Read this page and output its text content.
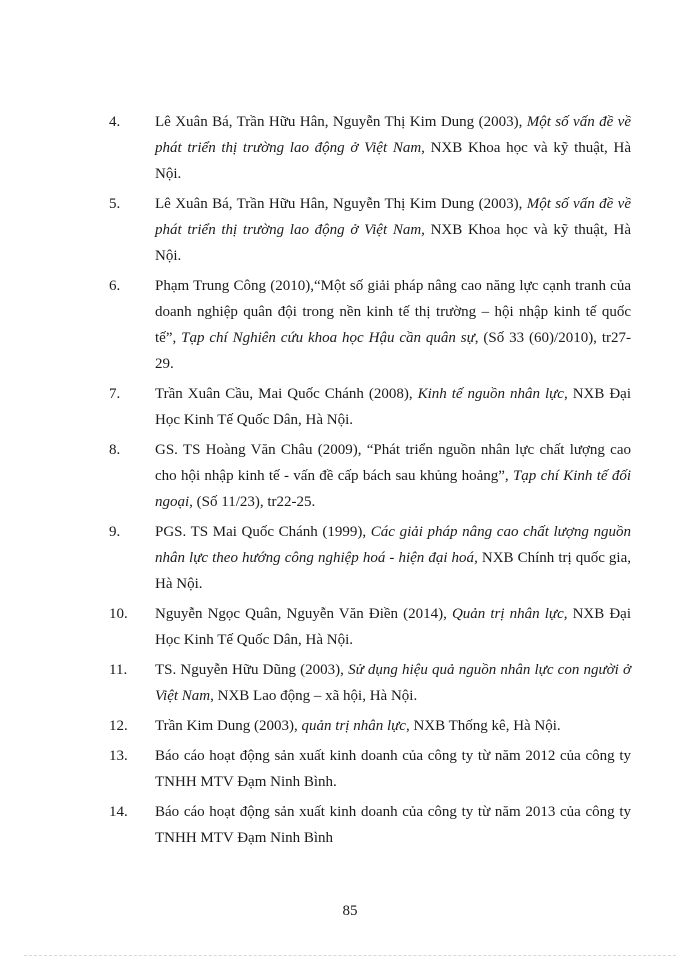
4.	Lê Xuân Bá, Trần Hữu Hân, Nguyễn Thị Kim Dung (2003), Một số vấn đề về phát triển thị trường lao động ở Việt Nam, NXB Khoa học và kỹ thuật, Hà Nội.
5.	Lê Xuân Bá, Trần Hữu Hân, Nguyễn Thị Kim Dung (2003), Một số vấn đề về phát triển thị trường lao động ở Việt Nam, NXB Khoa học và kỹ thuật, Hà Nội.
6.	Phạm Trung Công (2010),“Một số giải pháp nâng cao năng lực cạnh tranh của doanh nghiệp quân đội trong nền kinh tế thị trường – hội nhập kinh tế quốc tế”, Tạp chí Nghiên cứu khoa học Hậu cần quân sự, (Số 33 (60)/2010), tr27-29.
7.	Trần Xuân Cầu, Mai Quốc Chánh (2008), Kinh tế nguồn nhân lực, NXB Đại Học Kinh Tế Quốc Dân, Hà Nội.
8.	GS. TS Hoàng Văn Châu (2009), “Phát triển nguồn nhân lực chất lượng cao cho hội nhập kinh tế - vấn đề cấp bách sau khủng hoảng”, Tạp chí Kinh tế đối ngoại, (Số 11/23), tr22-25.
9.	PGS. TS Mai Quốc Chánh (1999), Các giải pháp nâng cao chất lượng nguồn nhân lực theo hướng công nghiệp hoá - hiện đại hoá, NXB Chính trị quốc gia, Hà Nội.
10.	Nguyễn Ngọc Quân, Nguyễn Văn Điền (2014), Quản trị nhân lực, NXB Đại Học Kinh Tế Quốc Dân, Hà Nội.
11.	TS. Nguyễn Hữu Dũng (2003), Sử dụng hiệu quả nguồn nhân lực con người ở Việt Nam, NXB Lao động – xã hội, Hà Nội.
12.	Trần Kim Dung (2003), quản trị nhân lực, NXB Thống kê, Hà Nội.
13.	Báo cáo hoạt động sản xuất kinh doanh của công ty từ năm 2012 của công ty TNHH MTV Đạm Ninh Bình.
14.	Báo cáo hoạt động sản xuất kinh doanh của công ty từ năm 2013 của công ty TNHH MTV Đạm Ninh Bình
85
